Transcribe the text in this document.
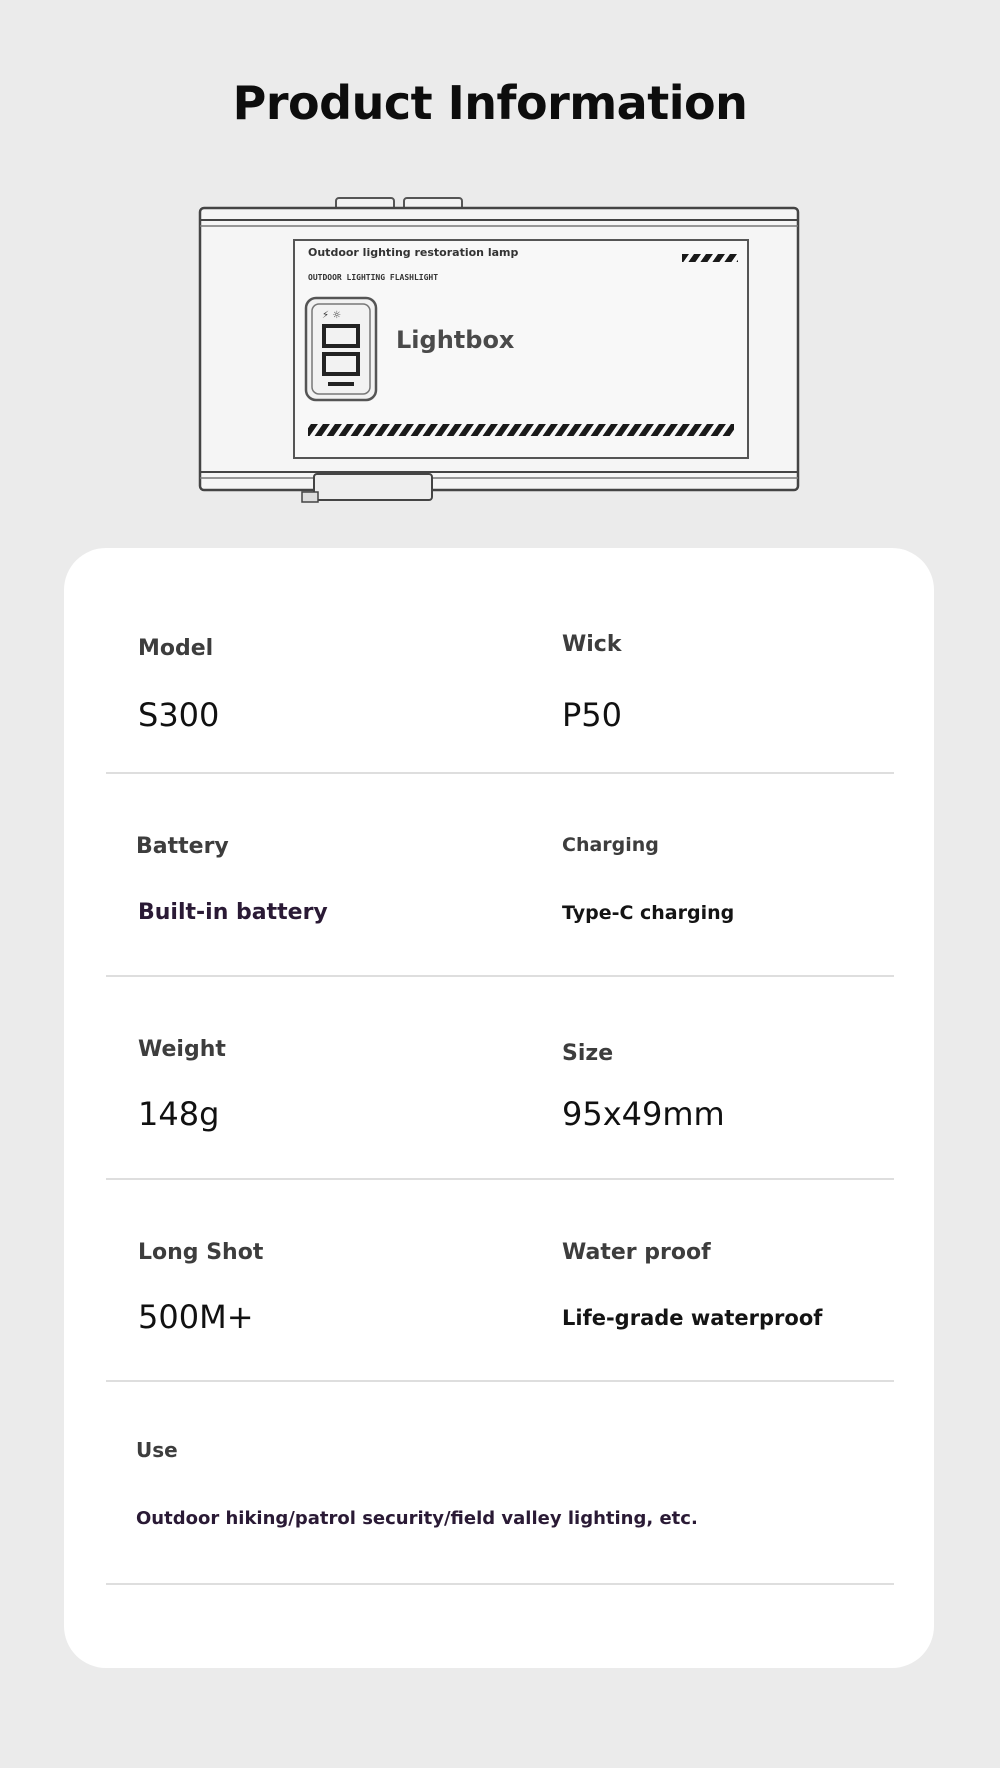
Product Information
⚡ ☼
Outdoor lighting restoration lamp
OUTDOOR LIGHTING FLASHLIGHT
Lightbox
Model
S300
Wick
P50
Battery
Built-in battery
Charging
Type-C charging
Weight
148g
Size
95x49mm
Long Shot
500M+
Water proof
Life-grade waterproof
Use
Outdoor hiking/patrol security/field valley lighting, etc.
